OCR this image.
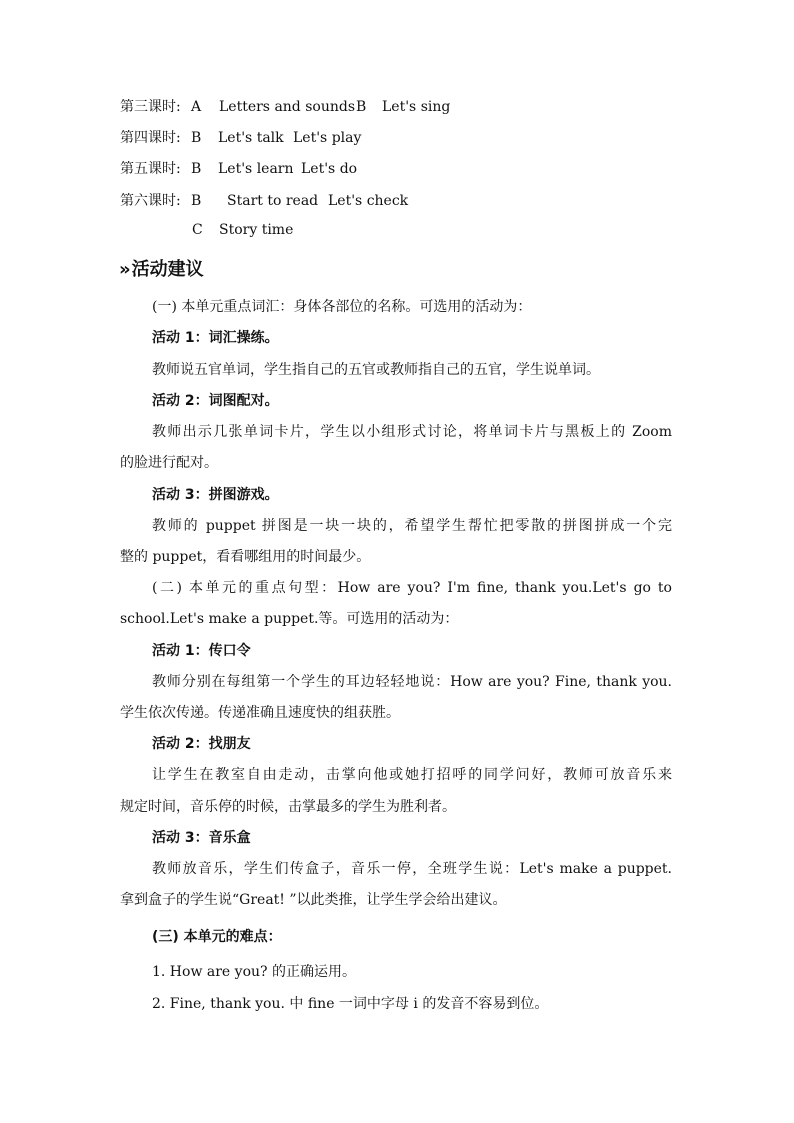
第三课时: A Letters and sounds B Let's sing
第四课时: B Let's talk Let's play
第五课时: B Let's learn Let's do
第六课时: B Start to read Let's check
C Story time
» 活动建议
(一) 本单元重点词汇：身体各部位的名称。可选用的活动为：
活动 1：词汇操练。
教师说五官单词，学生指自己的五官或教师指自己的五官，学生说单词。
活动 2：词图配对。
教师出示几张单词卡片，学生以小组形式讨论，将单词卡片与黑板上的 Zoom
的脸进行配对。
活动 3：拼图游戏。
教师的 puppet 拼图是一块一块的，希望学生帮忙把零散的拼图拼成一个完
整的 puppet，看看哪组用的时间最少。
(二) 本单元的重点句型：How are you? I'm fine, thank you.Let's go to
school.Let's make a puppet.等。可选用的活动为：
活动 1：传口令
教师分别在每组第一个学生的耳边轻轻地说：How are you? Fine, thank you.
学生依次传递。传递准确且速度快的组获胜。
活动 2：找朋友
让学生在教室自由走动，击掌向他或她打招呼的同学问好，教师可放音乐来
规定时间，音乐停的时候，击掌最多的学生为胜利者。
活动 3：音乐盒
教师放音乐，学生们传盒子，音乐一停，全班学生说：Let's make a puppet.
拿到盒子的学生说“Great! ”以此类推，让学生学会给出建议。
(三) 本单元的难点：
1. How are you? 的正确运用。
2. Fine, thank you. 中 fine 一词中字母 i 的发音不容易到位。
